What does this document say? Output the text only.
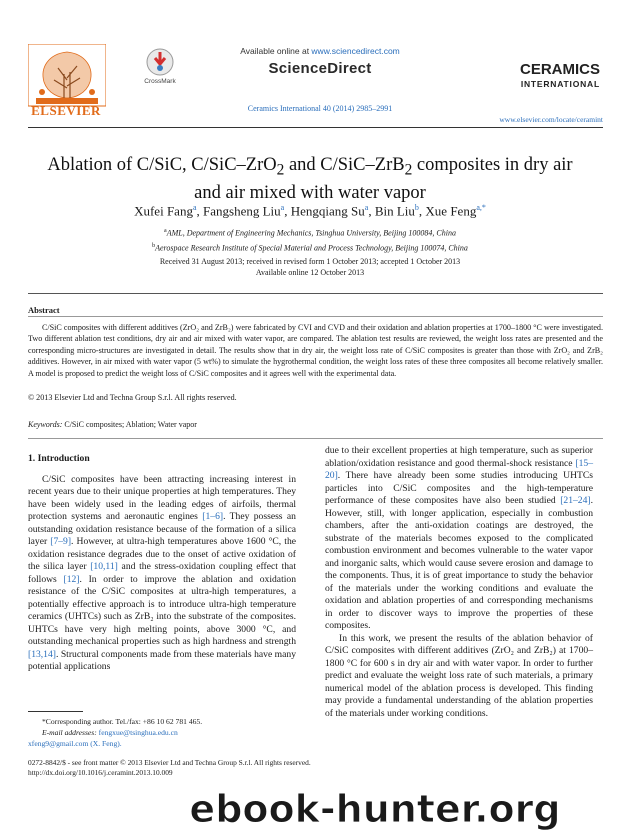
ELSEVIER
CrossMark
Available online at www.sciencedirect.com
ScienceDirect
Ceramics International 40 (2014) 2985–2991
CERAMICS
INTERNATIONAL
www.elsevier.com/locate/ceramint
Ablation of C/SiC, C/SiC–ZrO$_2$ and C/SiC–ZrB$_2$ composites in dry air
and air mixed with water vapor
Xufei Fang$^a$, Fangsheng Liu$^a$, Hengqiang Su$^a$, Bin Liu$^b$, Xue Feng$^{a,*}$
$^a$AML, Department of Engineering Mechanics, Tsinghua University, Beijing 100084, China
$^b$Aerospace Research Institute of Special Material and Process Technology, Beijing 100074, China
Received 31 August 2013; received in revised form 1 October 2013; accepted 1 October 2013
Available online 12 October 2013
Abstract

C/SiC composites with different additives (ZrO₂ and ZrB₂) were fabricated by CVI and CVD and their oxidation and ablation properties at 1700–1800 °C were investigated. Two different ablation test conditions, dry air and air mixed with water vapor, are compared. The ablation test results are reviewed, the weight loss rates are presented and the corresponding micro-structures are investigated in detail. The results show that in dry air, the weight loss rate of C/SiC composites is greater than those with ZrO₂ and ZrB₂ additives. However, in air mixed with water vapor (5 wt%) to simulate the hygrothermal condition, the weight loss rates of these three composites all become relatively smaller. A model is proposed to predict the weight loss of C/SiC composites and it agrees well with the experimental data.

© 2013 Elsevier Ltd and Techna Group S.r.l. All rights reserved.
Keywords: C/SiC composites; Ablation; Water vapor
1. Introduction

C/SiC composites have been attracting increasing interest in recent years due to their unique properties at high temperatures. They have been widely used in the leading edges of airfoils, thermal protection systems and aeronautic engines [1–6]. They possess an outstanding oxidation resistance because of the formation of a silica layer [7–9]. However, at ultra-high temperatures above 1600 °C, the oxidation resistance degrades due to the onset of active oxidation of the silica layer [10,11] and the stress-oxidation coupling effect that follows [12]. In order to improve the ablation and oxidation resistance of the C/SiC composites at ultra-high temperatures, a potentially effective approach is to introduce ultra-high temperature ceramics (UHTCs) such as ZrB₂ into the substrate of the composites. UHTCs have very high melting points, above 3000 °C, and outstanding mechanical properties such as high hardness and strength [13,14]. Structural components made from these materials have many potential applications

due to their excellent properties at high temperature, such as superior ablation/oxidation resistance and good thermal-shock resistance [15–20]. There have already been some studies introducing UHTCs particles into C/SiC composites and the high-temperature performance of these composites have also been studied [21–24]. However, still, with longer application, especially in combustion chambers, after the anti-oxidation coatings are destroyed, the substrate of the materials becomes exposed to the complicated combustion environment and becomes vulnerable to the water vapor and inorganic salts, which would cause severe erosion and damage to the components. Thus, it is of great importance to study the behavior of the materials under the working conditions and evaluate the oxidation and ablation properties of and corresponding mechanisms in order to discover ways to improve the properties of these composites.

In this work, we present the results of the ablation behavior of C/SiC composites with different additives (ZrO₂ and ZrB₂) at 1700–1800 °C for 600 s in dry air and with water vapor. In order to further predict and evaluate the weight loss rate of such materials, a primary numerical model of the ablation process is developed. This finding may provide a fundamental understanding of the ablation properties of the materials under working conditions.

*Corresponding author. Tel./fax: +86 10 62 781 465.
E-mail addresses: fengxue@tsinghua.edu.cn
xfeng9@gmail.com (X. Feng).
0272-8842/$ - see front matter © 2013 Elsevier Ltd and Techna Group S.r.l. All rights reserved.
http://dx.doi.org/10.1016/j.ceramint.2013.10.009
ebook-hunter.org
